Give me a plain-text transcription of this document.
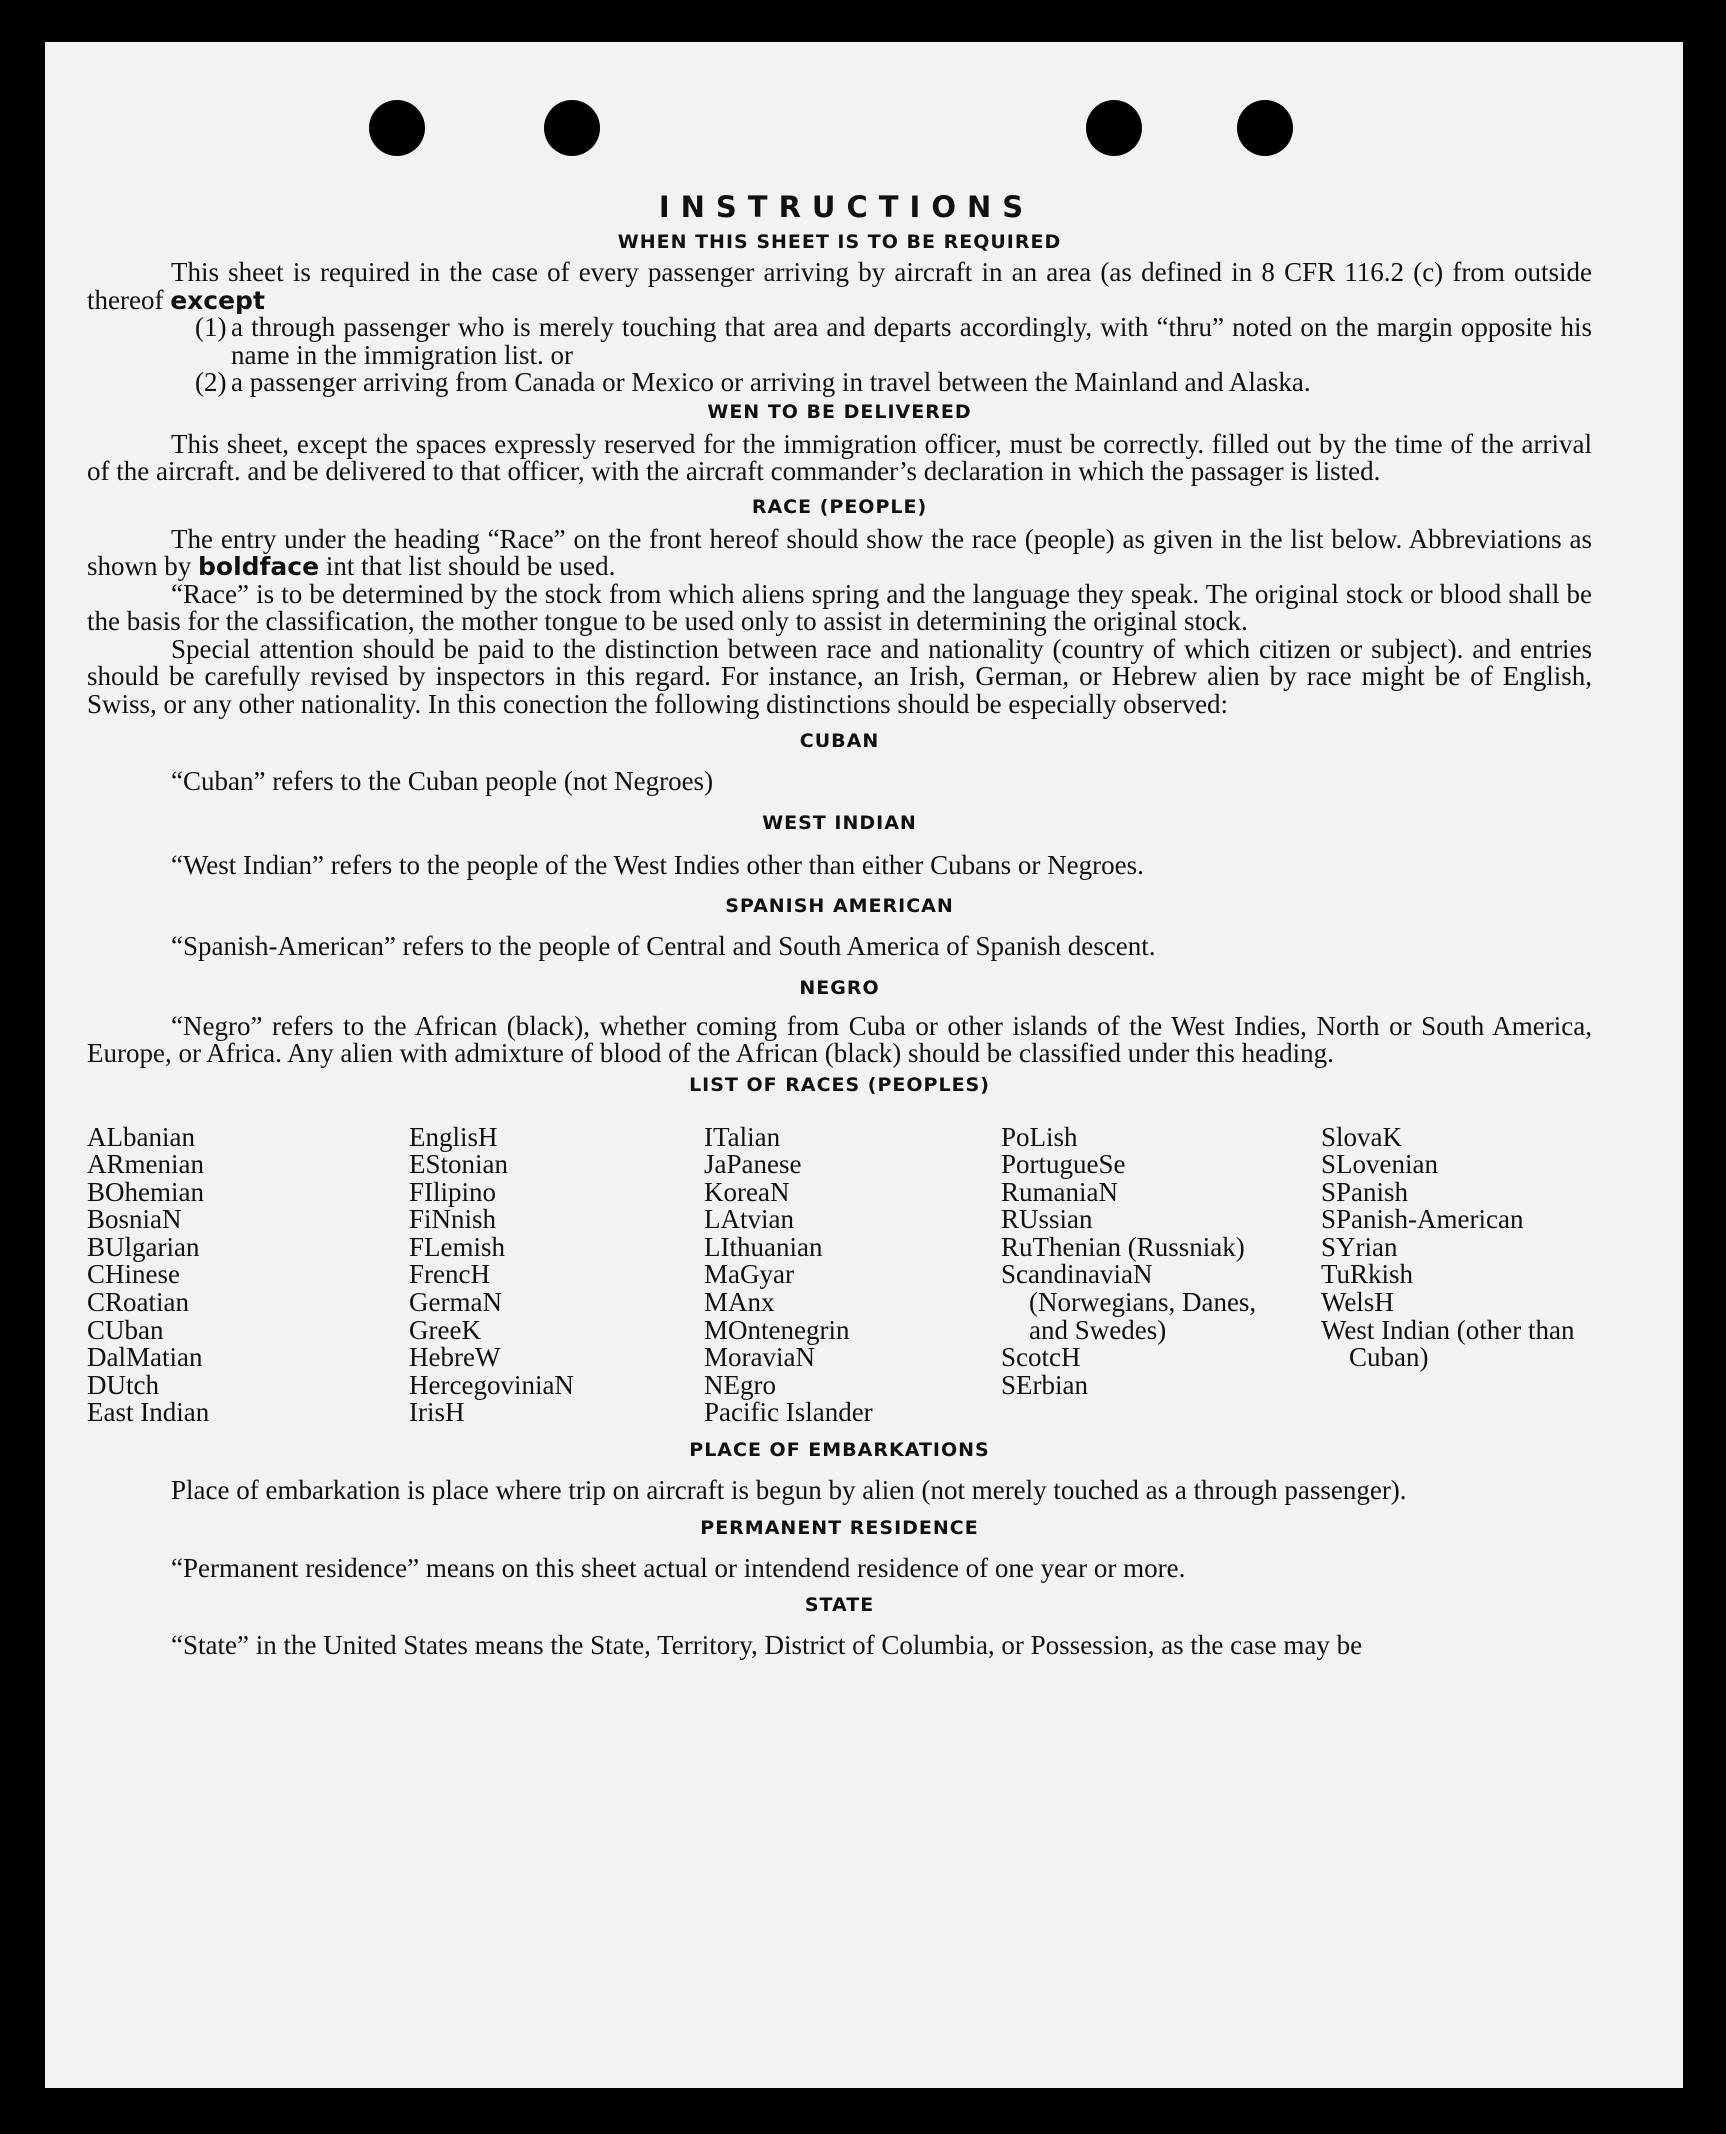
INSTRUCTIONS
WHEN THIS SHEET IS TO BE REQUIRED

This sheet is required in the case of every passenger arriving by aircraft in an area (as defined in 8 CFR 116.2 (c) from outside thereof except

(1) a through passenger who is merely touching that area and departs accordingly, with “thru” noted on the margin opposite his name in the immigration list. or
(2) a passenger arriving from Canada or Mexico or arriving in travel between the Mainland and Alaska.
WEN TO BE DELIVERED

This sheet, except the spaces expressly reserved for the immigration officer, must be correctly. filled out by the time of the arrival of the aircraft. and be delivered to that officer, with the aircraft commander’s declaration in which the passager is listed.

RACE (PEOPLE)

The entry under the heading “Race” on the front hereof should show the race (people) as given in the list below. Abbreviations as shown by boldface int that list should be used.

“Race” is to be determined by the stock from which aliens spring and the language they speak. The original stock or blood shall be the basis for the classification, the mother tongue to be used only to assist in determining the original stock.

Special attention should be paid to the distinction between race and nationality (country of which citizen or subject). and entries should be carefully revised by inspectors in this regard. For instance, an Irish, German, or Hebrew alien by race might be of English, Swiss, or any other nationality. In this conection the following distinctions should be especially observed:

CUBAN

“Cuban” refers to the Cuban people (not Negroes)

WEST INDIAN

“West Indian” refers to the people of the West Indies other than either Cubans or Negroes.

SPANISH AMERICAN

“Spanish-American” refers to the people of Central and South America of Spanish descent.

NEGRO

“Negro” refers to the African (black), whether coming from Cuba or other islands of the West Indies, North or South America, Europe, or Africa. Any alien with admixture of blood of the African (black) should be classified under this heading.

LIST OF RACES (PEOPLES)
ALbanian
ARmenian
BOhemian
BosniaN
BUlgarian
CHinese
CRoatian
CUban
DalMatian
DUtch
East Indian
EnglisH
EStonian
FIlipino
FiNnish
FLemish
FrencH
GermaN
GreeK
HebreW
HercegoviniaN
IrisH
ITalian
JaPanese
KoreaN
LAtvian
LIthuanian
MaGyar
MAnx
MOntenegrin
MoraviaN
NEgro
Pacific Islander
PoLish
PortugueSe
RumaniaN
RUssian
RuThenian (Russniak)
ScandinaviaN (Norwegians, Danes, and Swedes)
ScotcH
SErbian
SlovaK
SLovenian
SPanish
SPanish-American
SYrian
TuRkish
WelsH
West Indian (other than Cuban)
PLACE OF EMBARKATIONS

Place of embarkation is place where trip on aircraft is begun by alien (not merely touched as a through passenger).

PERMANENT RESIDENCE

“Permanent residence” means on this sheet actual or intendend residence of one year or more.

STATE

“State” in the United States means the State, Territory, District of Columbia, or Possession, as the case may be
